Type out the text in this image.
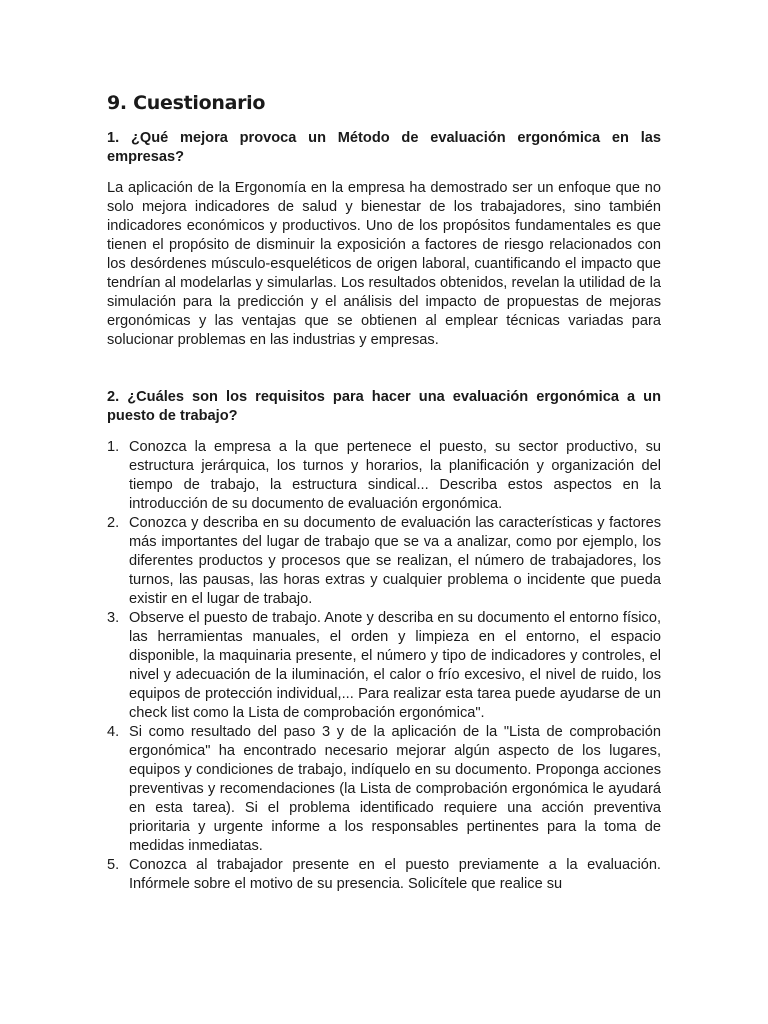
9. Cuestionario

1. ¿Qué mejora provoca un Método de evaluación ergonómica en las empresas?

La aplicación de la Ergonomía en la empresa ha demostrado ser un enfoque que no solo mejora indicadores de salud y bienestar de los trabajadores, sino también indicadores económicos y productivos. Uno de los propósitos fundamentales es que tienen el propósito de disminuir la exposición a factores de riesgo relacionados con los desórdenes músculo-esqueléticos de origen laboral, cuantificando el impacto que tendrían al modelarlas y simularlas. Los resultados obtenidos, revelan la utilidad de la simulación para la predicción y el análisis del impacto de propuestas de mejoras ergonómicas y las ventajas que se obtienen al emplear técnicas variadas para solucionar problemas en las industrias y empresas.

2. ¿Cuáles son los requisitos para hacer una evaluación ergonómica a un puesto de trabajo?

1. Conozca la empresa a la que pertenece el puesto, su sector productivo, su estructura jerárquica, los turnos y horarios, la planificación y organización del tiempo de trabajo, la estructura sindical... Describa estos aspectos en la introducción de su documento de evaluación ergonómica.
2. Conozca y describa en su documento de evaluación las características y factores más importantes del lugar de trabajo que se va a analizar, como por ejemplo, los diferentes productos y procesos que se realizan, el número de trabajadores, los turnos, las pausas, las horas extras y cualquier problema o incidente que pueda existir en el lugar de trabajo.
3. Observe el puesto de trabajo. Anote y describa en su documento el entorno físico, las herramientas manuales, el orden y limpieza en el entorno, el espacio disponible, la maquinaria presente, el número y tipo de indicadores y controles, el nivel y adecuación de la iluminación, el calor o frío excesivo, el nivel de ruido, los equipos de protección individual,... Para realizar esta tarea puede ayudarse de un check list como la Lista de comprobación ergonómica".
4. Si como resultado del paso 3 y de la aplicación de la "Lista de comprobación ergonómica" ha encontrado necesario mejorar algún aspecto de los lugares, equipos y condiciones de trabajo, indíquelo en su documento. Proponga acciones preventivas y recomendaciones (la Lista de comprobación ergonómica le ayudará en esta tarea). Si el problema identificado requiere una acción preventiva prioritaria y urgente informe a los responsables pertinentes para la toma de medidas inmediatas.
5. Conozca al trabajador presente en el puesto previamente a la evaluación. Infórmele sobre el motivo de su presencia. Solicítele que realice su
